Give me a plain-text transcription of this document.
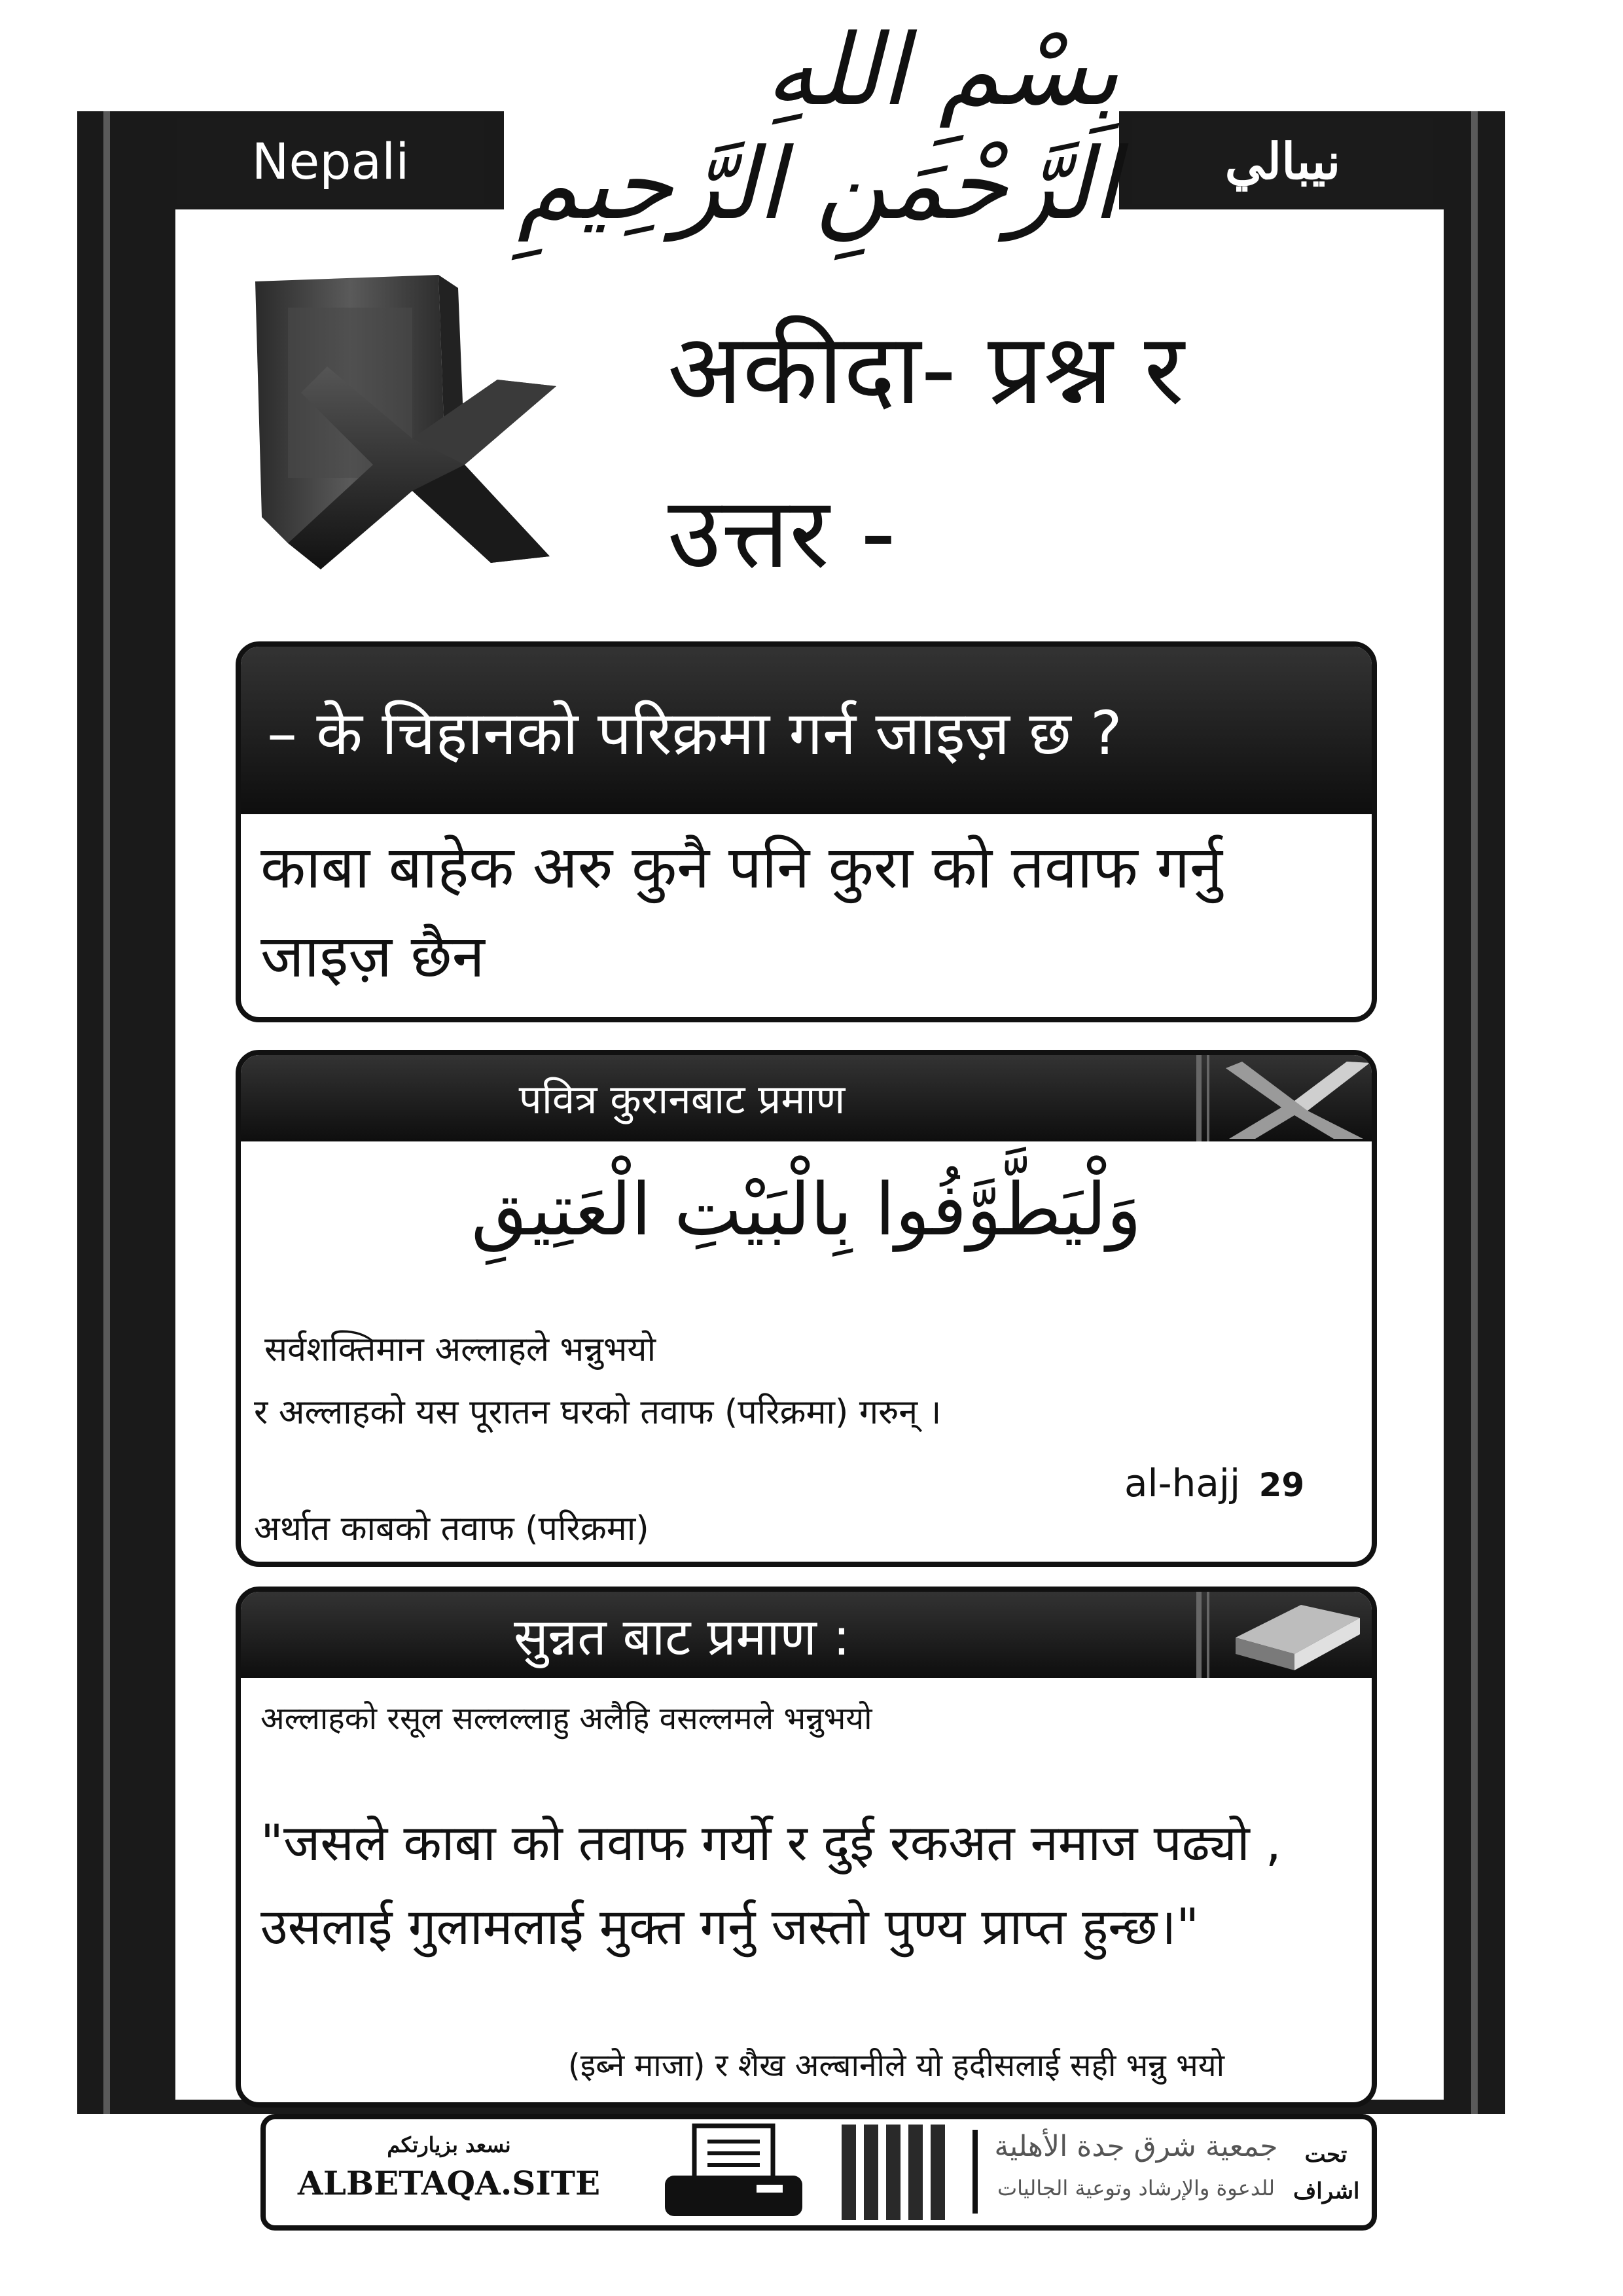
Nepali	نيبالي
بِسْمِ اللهِ الرَّحْمَنِ الرَّحِيمِ
अकीदा- प्रश्न र
उत्तर -
– के चिहानको परिक्रमा गर्न जाइज़ छ ?
काबा बाहेक अरु कुनै पनि कुरा को तवाफ गर्नु
जाइज़ छैन
पवित्र कुरानबाट प्रमाण
وَلْيَطَّوَّفُوا بِالْبَيْتِ الْعَتِيقِ
सर्वशक्तिमान अल्लाहले भन्नुभयो
र अल्लाहको यस पूरातन घरको तवाफ (परिक्रमा) गरुन् ।
al-hajj 29
अर्थात काबको तवाफ (परिक्रमा)
सुन्नत बाट प्रमाण :
अल्लाहको रसूल सल्लल्लाहु अलैहि वसल्लमले भन्नुभयो
"जसले काबा को तवाफ गर्यो र दुई रकअत नमाज पढ्यो ,
उसलाई गुलामलाई मुक्त गर्नु जस्तो पुण्य प्राप्त हुन्छ।"
(इब्ने माजा) र शैख अल्बानीले यो हदीसलाई सही भन्नु भयो
نسعد بزيارتكم
ALBETAQA.SITE
جمعية شرق جدة الأهلية
للدعوة والإرشاد وتوعية الجاليات
تحت اشراف
